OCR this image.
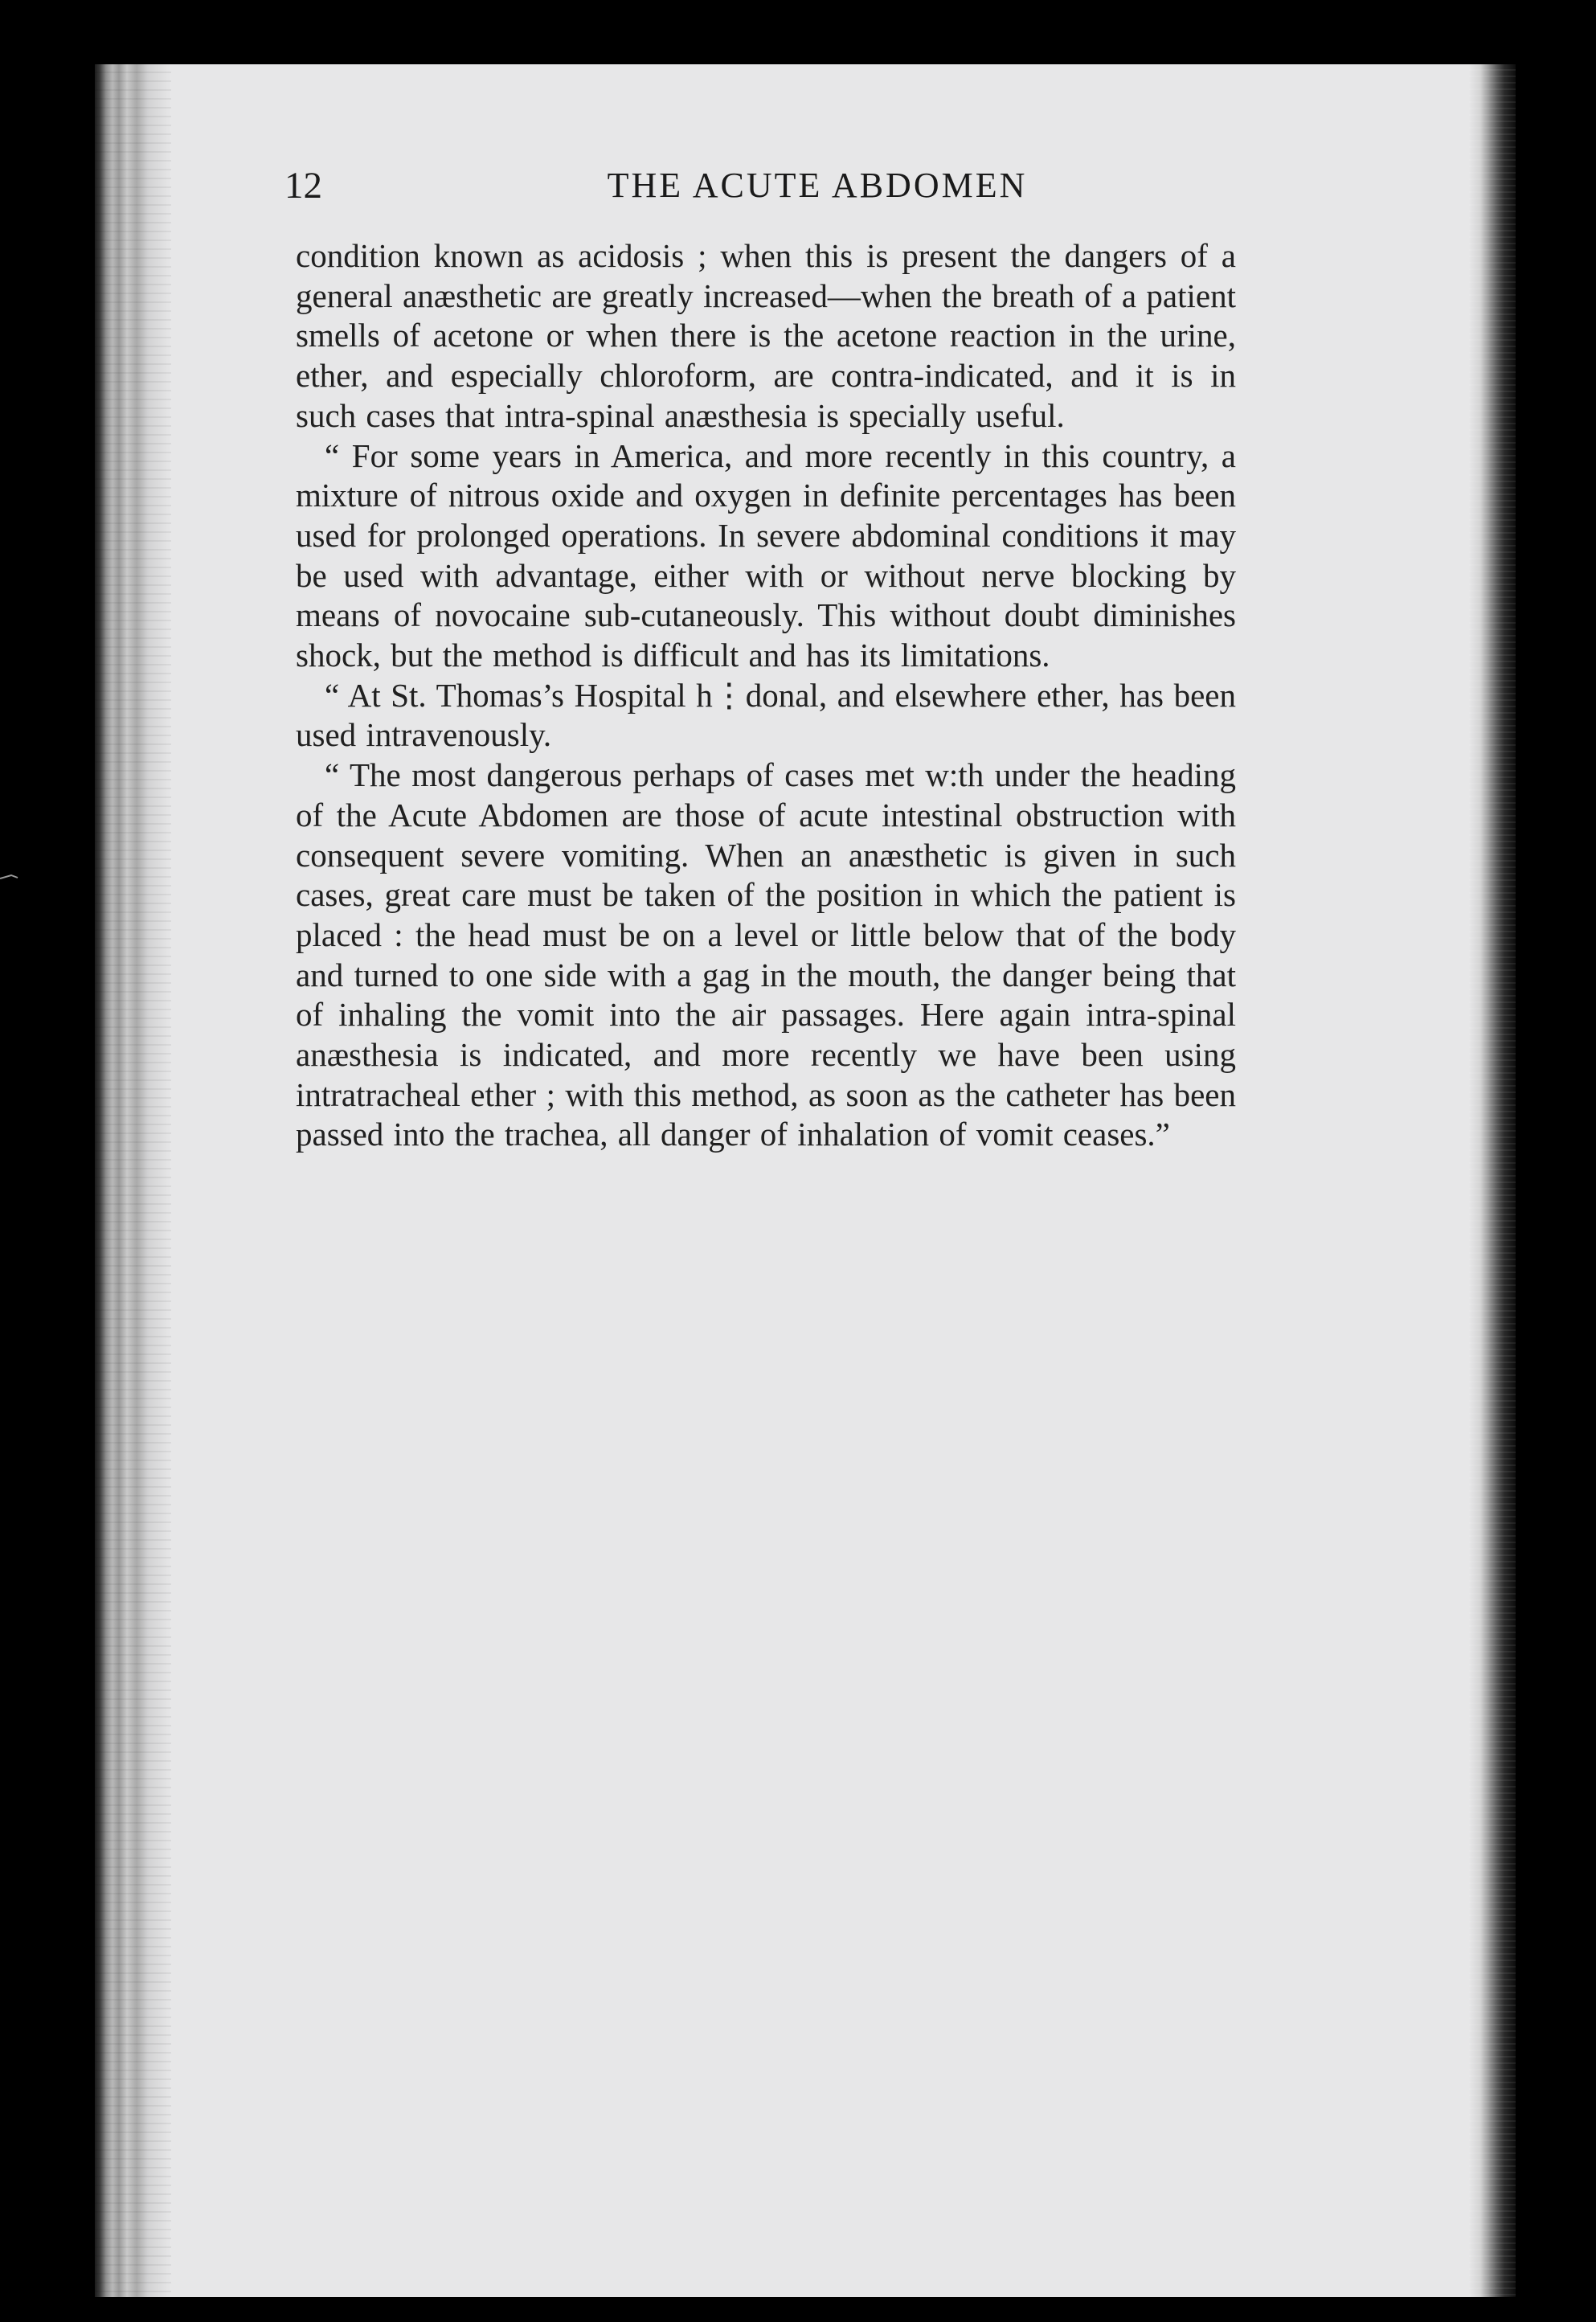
12	THE ACUTE ABDOMEN

condition known as acidosis ; when this is present the dangers of a general anæsthetic are greatly increased—when the breath of a patient smells of acetone or when there is the acetone reaction in the urine, ether, and especially chloroform, are contra-indicated, and it is in such cases that intra-spinal anæsthesia is specially useful.

“ For some years in America, and more recently in this country, a mixture of nitrous oxide and oxygen in definite percentages has been used for prolonged operations. In severe abdominal conditions it may be used with advantage, either with or without nerve blocking by means of novocaine sub-cutaneously. This without doubt diminishes shock, but the method is difficult and has its limitations.

“ At St. Thomas’s Hospital h⋮donal, and elsewhere ether, has been used intravenously.

“ The most dangerous perhaps of cases met w:th under the heading of the Acute Abdomen are those of acute intestinal obstruction with consequent severe vomiting. When an anæsthetic is given in such cases, great care must be taken of the position in which the patient is placed : the head must be on a level or little below that of the body and turned to one side with a gag in the mouth, the danger being that of inhaling the vomit into the air passages. Here again intra-spinal anæsthesia is indicated, and more recently we have been using intratracheal ether ; with this method, as soon as the catheter has been passed into the trachea, all danger of inhalation of vomit ceases.”
